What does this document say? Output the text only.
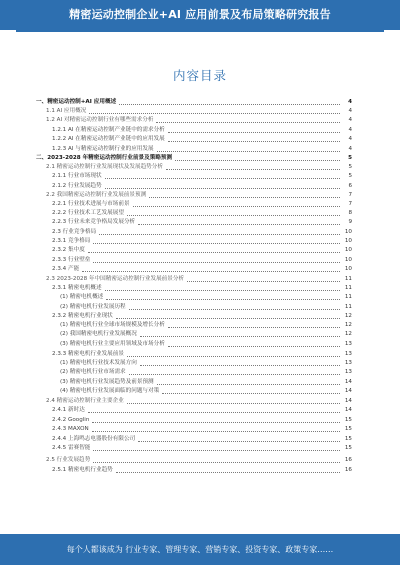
精密运动控制企业+AI 应用前景及布局策略研究报告
内容目录
一、精密运动控制+AI 应用概述	4
1.1 AI 应用概况	4
1.2 AI 对精密运动控制行业有哪些需求分析	4
1.2.1 AI 在精密运动控制产业链中的需求分析	4
1.2.2 AI 在精密运动控制产业链中的应用发展	4
1.2.3 AI 与精密运动控制行业的应用发展	4
二、2023-2028 年精密运动控制行业前景及策略预测	5
2.1 精密运动控制行业发展现状及发展趋势分析	5
2.1.1 行业市场现状	5
2.1.2 行业发展趋势	6
2.2 我国精密运动控制行业发展前景预测	7
2.2.1 行业技术进展与市场前景	7
2.2.2 行业技术工艺发展展望	8
2.2.3 行业未来竞争格局发展分析	9
2.3 行业竞争格局	10
2.3.1 竞争格局	10
2.3.2 集中度	10
2.3.3 行业壁垒	10
2.3.4 产能	10
2.3 2023-2028 年中国精密运动控制行业发展前景分析	11
2.3.1 精密电机概述	11
(1) 精密电机概述	11
(2) 精密电机行业发展历程	11
2.3.2 精密电机行业现状	12
(1) 精密电机行业全球市场规模及增长分析	12
(2) 我国精密电机行业发展概况	12
(3) 精密电机行业主要应用领域及市场分析	13
2.3.3 精密电机行业发展前景	13
(1) 精密电机行业技术发展方向	13
(2) 精密电机行业市场需求	13
(3) 精密电机行业发展趋势及前景预测	14
(4) 精密电机行业发展面临的问题与对策	14
2.4 精密运动控制行业主要企业	14
2.4.1 新时达	14
2.4.2 Googlin	15
2.4.3 MAXON	15
2.4.4 上海鸣志电器股份有限公司	15
2.4.5 雷赛智能	15
2.5 行业发展趋势	16
2.5.1 精密电机行业趋势	16
每个人都该成为 行业专家、管理专家、营销专家、投资专家、政策专家……
